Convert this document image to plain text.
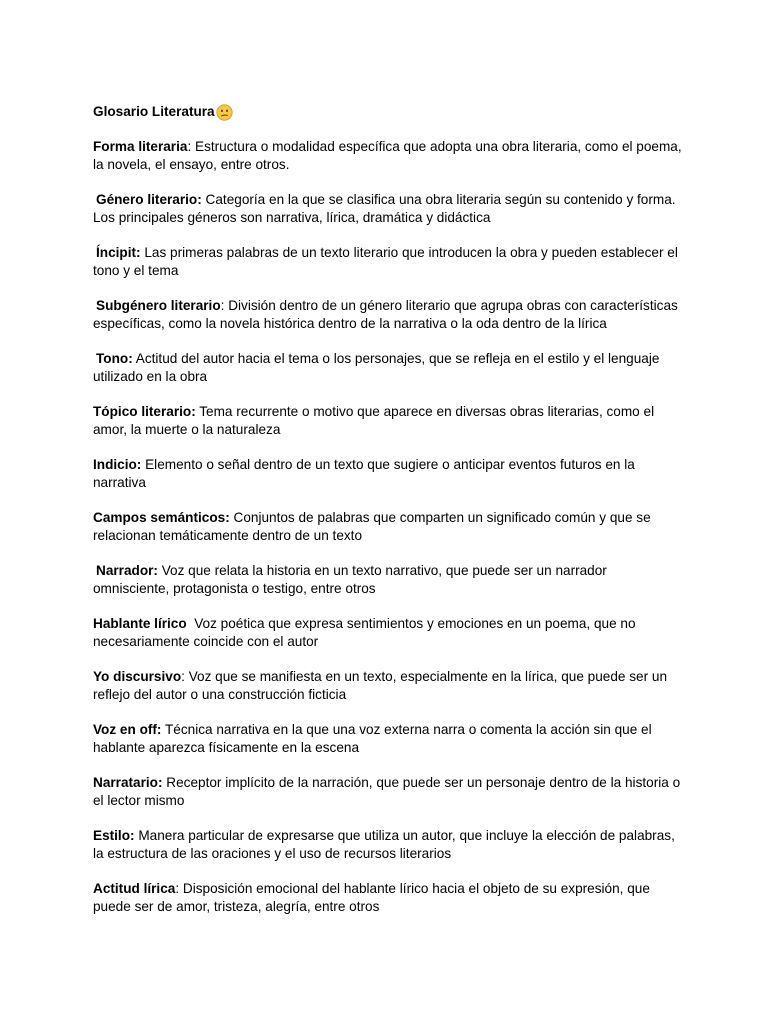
Glosario Literatura
Forma literaria: Estructura o modalidad específica que adopta una obra literaria, como el poema, la novela, el ensayo, entre otros.
Género literario: Categoría en la que se clasifica una obra literaria según su contenido y forma. Los principales géneros son narrativa, lírica, dramática y didáctica
Íncipit: Las primeras palabras de un texto literario que introducen la obra y pueden establecer el tono y el tema
Subgénero literario: División dentro de un género literario que agrupa obras con características específicas, como la novela histórica dentro de la narrativa o la oda dentro de la lírica
Tono: Actitud del autor hacia el tema o los personajes, que se refleja en el estilo y el lenguaje utilizado en la obra
Tópico literario: Tema recurrente o motivo que aparece en diversas obras literarias, como el amor, la muerte o la naturaleza
Indicio: Elemento o señal dentro de un texto que sugiere o anticipar eventos futuros en la narrativa
Campos semánticos: Conjuntos de palabras que comparten un significado común y que se relacionan temáticamente dentro de un texto
Narrador: Voz que relata la historia en un texto narrativo, que puede ser un narrador omnisciente, protagonista o testigo, entre otros
Hablante lírico  Voz poética que expresa sentimientos y emociones en un poema, que no necesariamente coincide con el autor
Yo discursivo: Voz que se manifiesta en un texto, especialmente en la lírica, que puede ser un reflejo del autor o una construcción ficticia
Voz en off: Técnica narrativa en la que una voz externa narra o comenta la acción sin que el hablante aparezca físicamente en la escena
Narratario: Receptor implícito de la narración, que puede ser un personaje dentro de la historia o el lector mismo
Estilo: Manera particular de expresarse que utiliza un autor, que incluye la elección de palabras, la estructura de las oraciones y el uso de recursos literarios
Actitud lírica: Disposición emocional del hablante lírico hacia el objeto de su expresión, que puede ser de amor, tristeza, alegría, entre otros
